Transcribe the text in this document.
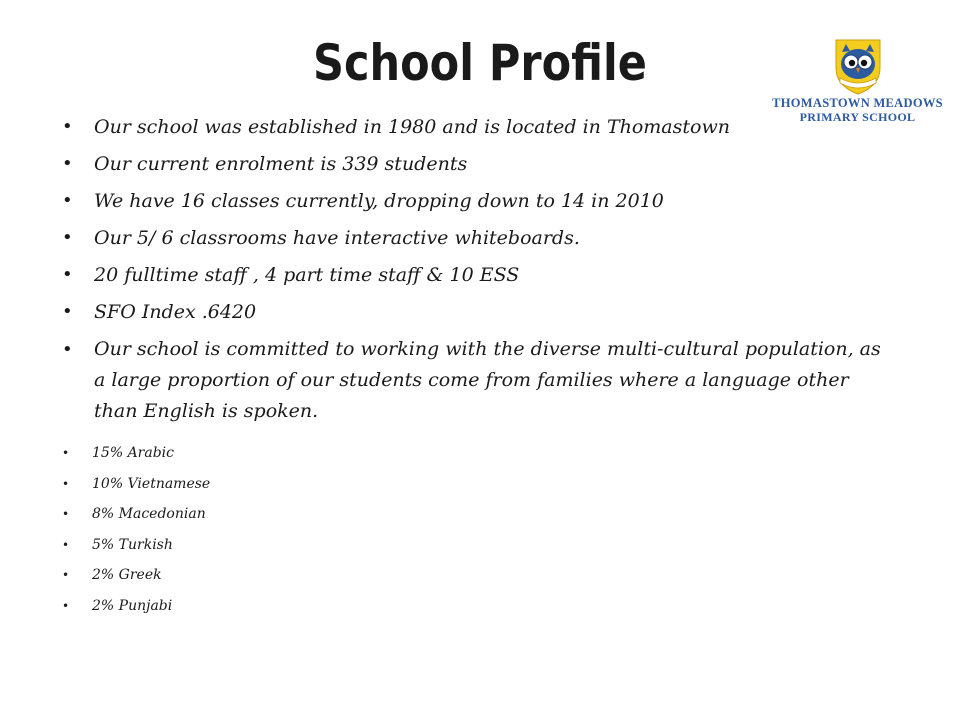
School Profile
THOMASTOWN MEADOWS
PRIMARY SCHOOL
• Our school was established in 1980 and is located in Thomastown
• Our current enrolment is 339 students
• We have 16 classes currently, dropping down to 14 in 2010
• Our 5/ 6 classrooms have interactive whiteboards.
• 20 fulltime staff , 4 part time staff & 10 ESS
• SFO Index .6420
• Our school is committed to working with the diverse multi-cultural population, as a large proportion of our students come from families where a language other than English is spoken.
• 15% Arabic
• 10% Vietnamese
• 8% Macedonian
• 5% Turkish
• 2% Greek
• 2% Punjabi
